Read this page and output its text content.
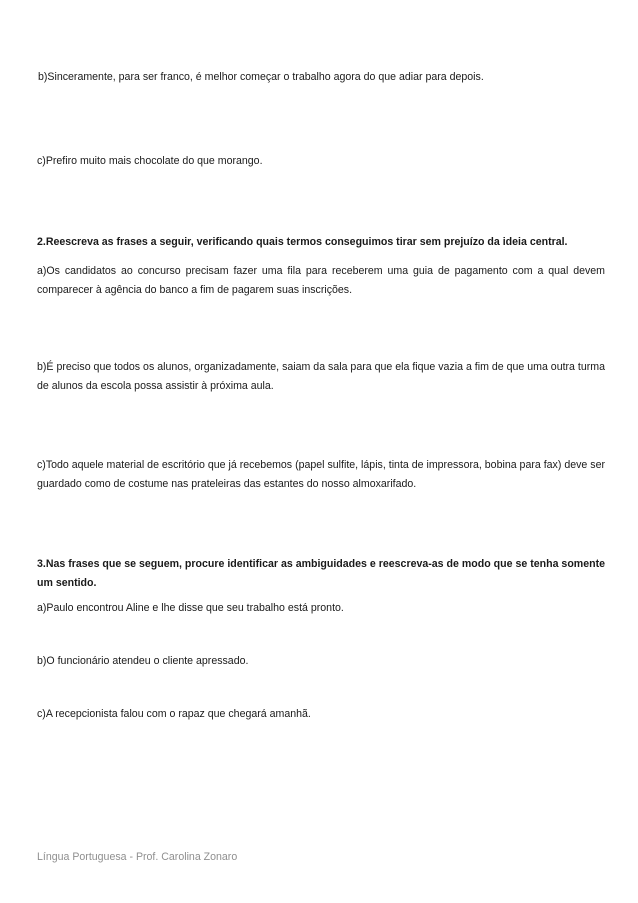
b)Sinceramente, para ser franco, é melhor começar o trabalho agora do que adiar para depois.

c)Prefiro muito mais chocolate do que morango.

2.Reescreva as frases a seguir, verificando quais termos conseguimos tirar sem prejuízo da ideia central.

a)Os candidatos ao concurso precisam fazer uma fila para receberem uma guia de pagamento com a qual devem comparecer à agência do banco a fim de pagarem suas inscrições.

b)É preciso que todos os alunos, organizadamente, saiam da sala para que ela fique vazia a fim de que uma outra turma de alunos da escola possa assistir à próxima aula.

c)Todo aquele material de escritório que já recebemos (papel sulfite, lápis, tinta de impressora, bobina para fax) deve ser guardado como de costume nas prateleiras das estantes do nosso almoxarifado.

3.Nas frases que se seguem, procure identificar as ambiguidades e reescreva-as de modo que se tenha somente um sentido.

a)Paulo encontrou Aline e lhe disse que seu trabalho está pronto.

b)O funcionário atendeu o cliente apressado.

c)A recepcionista falou com o rapaz que chegará amanhã.

Língua Portuguesa - Prof. Carolina Zonaro
